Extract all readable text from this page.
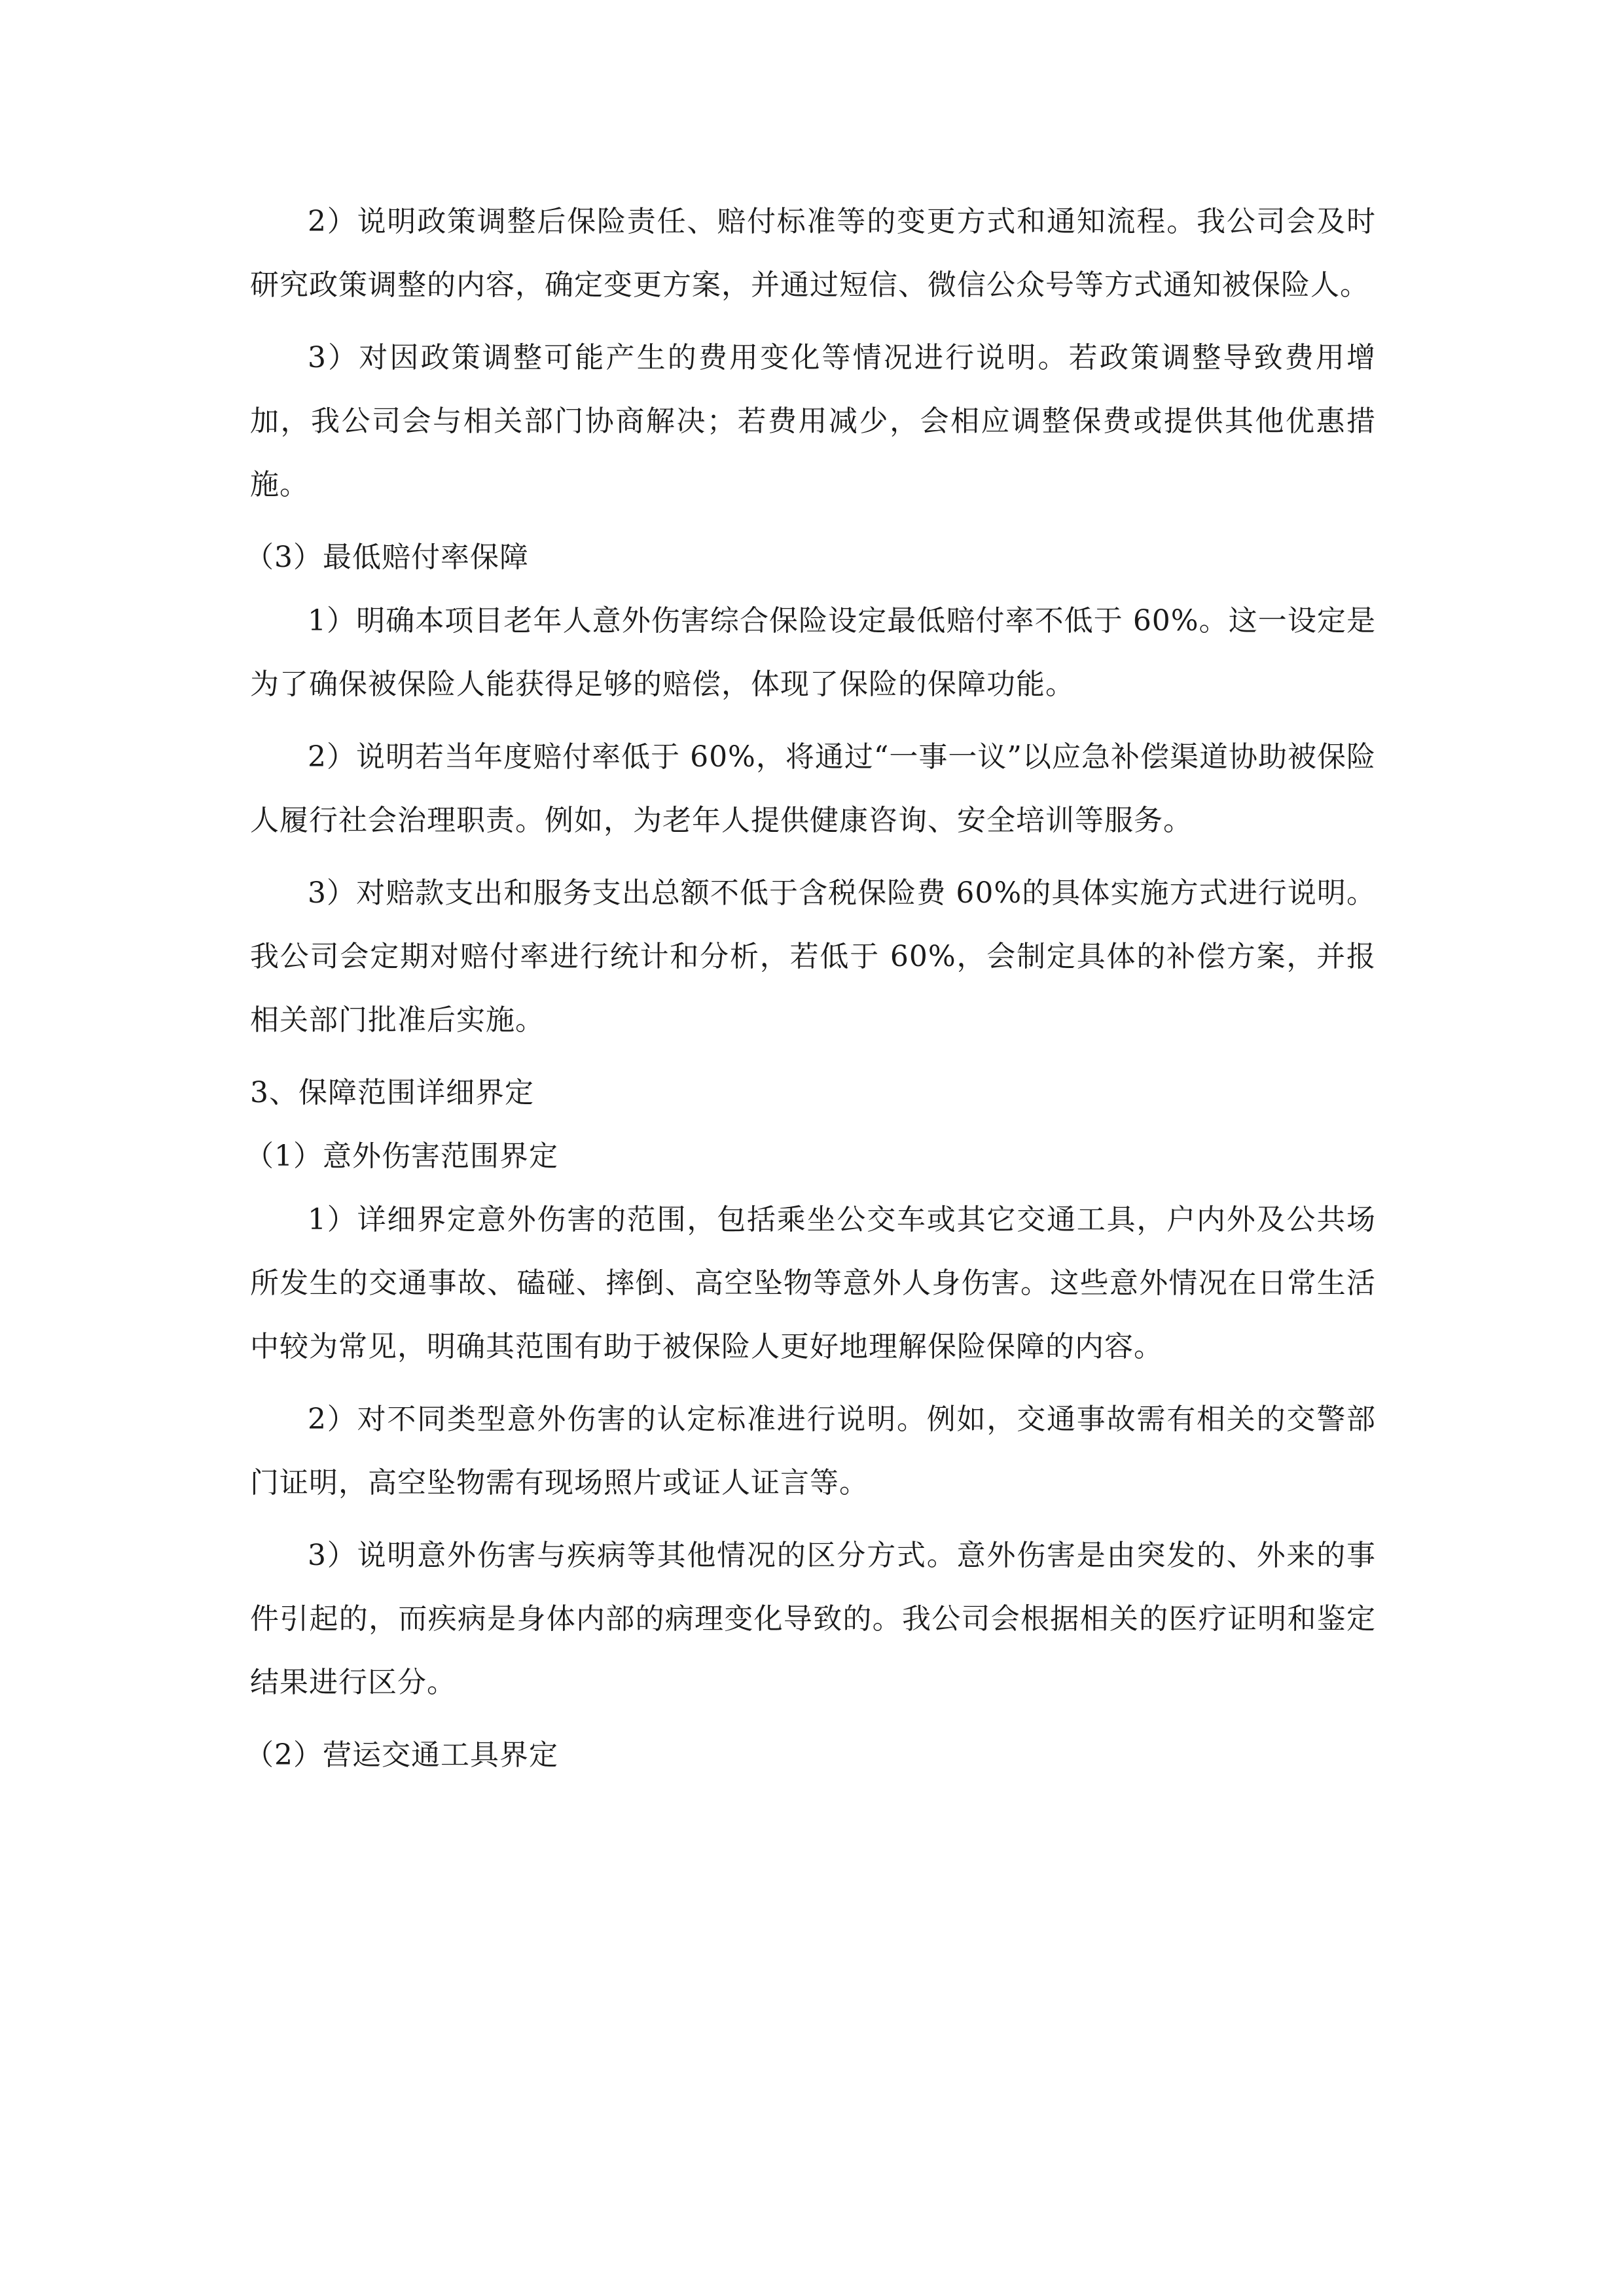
2）说明政策调整后保险责任、赔付标准等的变更方式和通知流程。我公司会及时研究政策调整的内容，确定变更方案，并通过短信、微信公众号等方式通知被保险人。

3）对因政策调整可能产生的费用变化等情况进行说明。若政策调整导致费用增加，我公司会与相关部门协商解决；若费用减少，会相应调整保费或提供其他优惠措施。

（3）最低赔付率保障

1）明确本项目老年人意外伤害综合保险设定最低赔付率不低于 60%。这一设定是为了确保被保险人能获得足够的赔偿，体现了保险的保障功能。

2）说明若当年度赔付率低于 60%，将通过“一事一议”以应急补偿渠道协助被保险人履行社会治理职责。例如，为老年人提供健康咨询、安全培训等服务。

3）对赔款支出和服务支出总额不低于含税保险费 60%的具体实施方式进行说明。我公司会定期对赔付率进行统计和分析，若低于 60%，会制定具体的补偿方案，并报相关部门批准后实施。

3、保障范围详细界定

（1）意外伤害范围界定

1）详细界定意外伤害的范围，包括乘坐公交车或其它交通工具，户内外及公共场所发生的交通事故、磕碰、摔倒、高空坠物等意外人身伤害。这些意外情况在日常生活中较为常见，明确其范围有助于被保险人更好地理解保险保障的内容。

2）对不同类型意外伤害的认定标准进行说明。例如，交通事故需有相关的交警部门证明，高空坠物需有现场照片或证人证言等。

3）说明意外伤害与疾病等其他情况的区分方式。意外伤害是由突发的、外来的事件引起的，而疾病是身体内部的病理变化导致的。我公司会根据相关的医疗证明和鉴定结果进行区分。

（2）营运交通工具界定
